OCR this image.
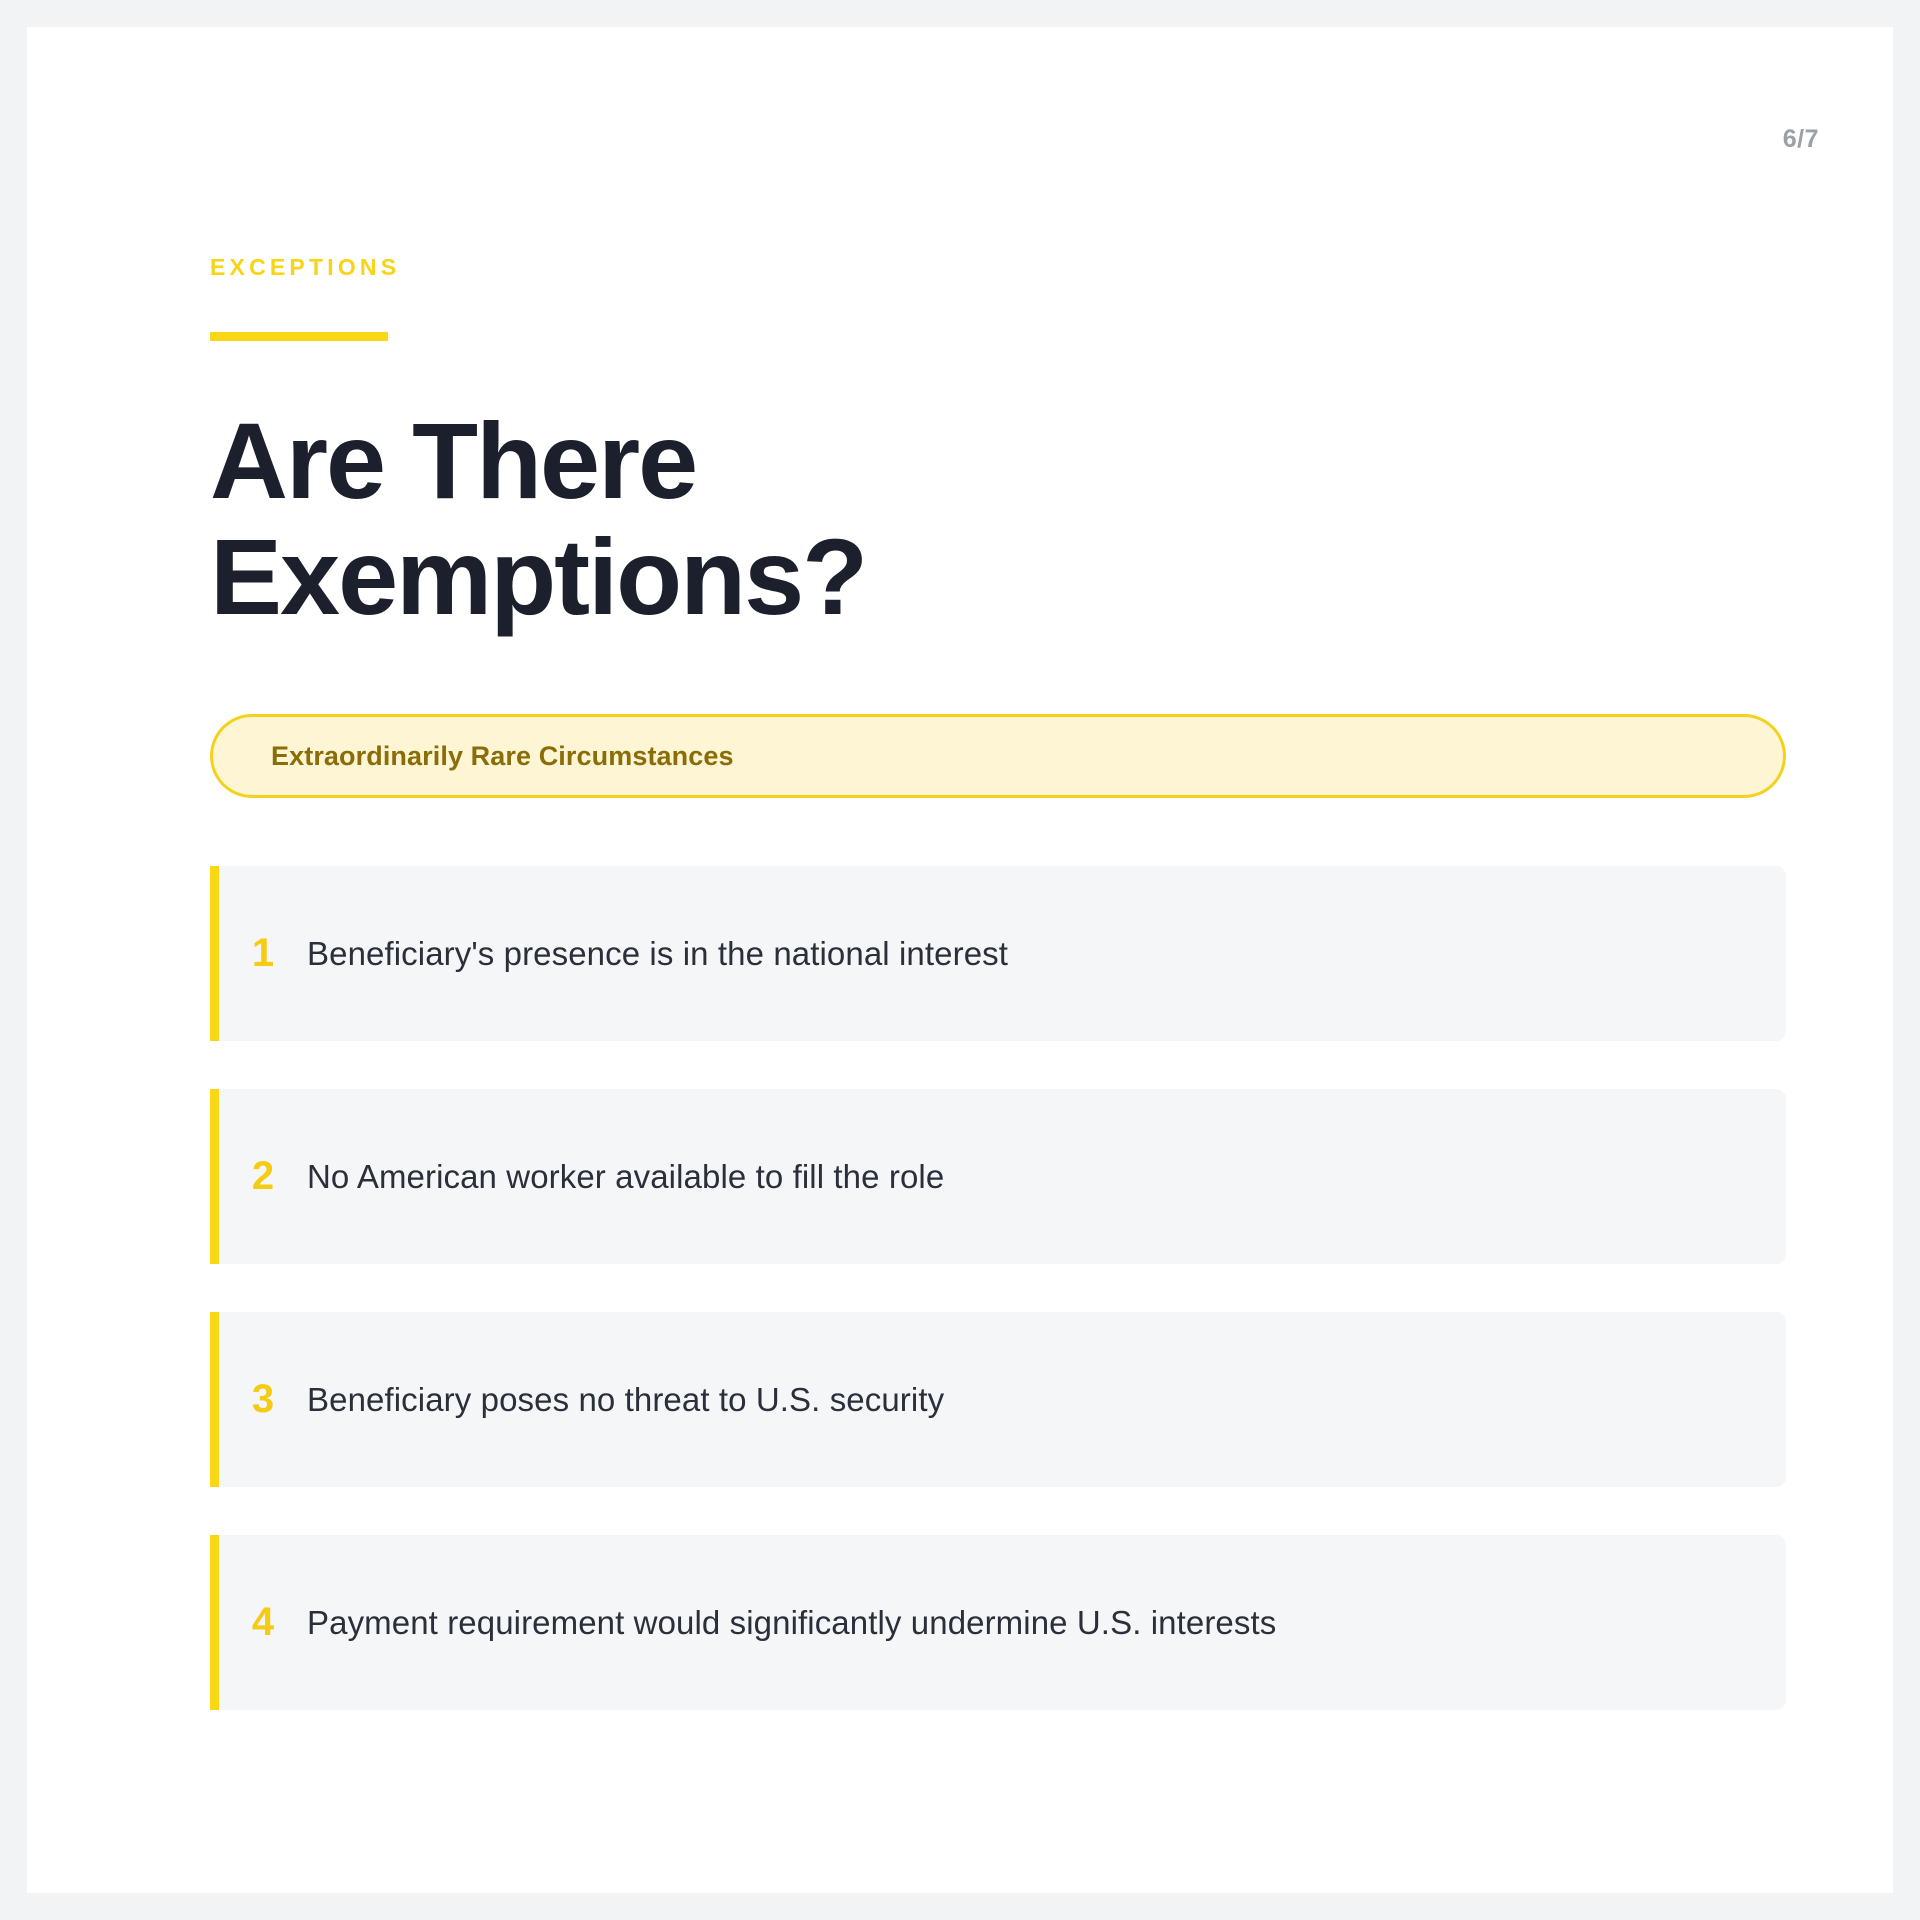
6/7
EXCEPTIONS
Are There
Exemptions?
Extraordinarily Rare Circumstances
1 Beneficiary's presence is in the national interest
2 No American worker available to fill the role
3 Beneficiary poses no threat to U.S. security
4 Payment requirement would significantly undermine U.S. interests
